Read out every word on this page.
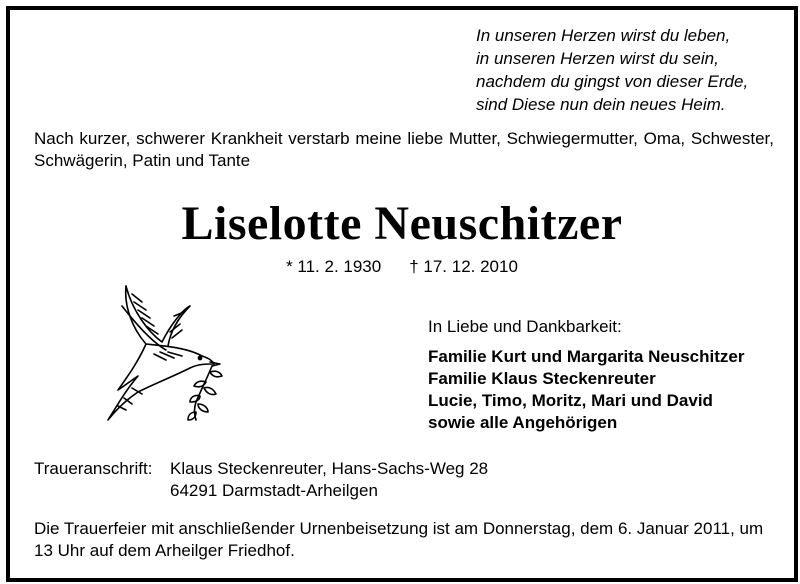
In unseren Herzen wirst du leben,
in unseren Herzen wirst du sein,
nachdem du gingst von dieser Erde,
sind Diese nun dein neues Heim.
Nach kurzer, schwerer Krankheit verstarb meine liebe Mutter, Schwiegermutter, Oma, Schwester, Schwägerin, Patin und Tante
Liselotte Neuschitzer
* 11. 2. 1930 † 17. 12. 2010
In Liebe und Dankbarkeit:
Familie Kurt und Margarita Neuschitzer
Familie Klaus Steckenreuter
Lucie, Timo, Moritz, Mari und David
sowie alle Angehörigen
Traueranschrift:	Klaus Steckenreuter, Hans-Sachs-Weg 28
64291 Darmstadt-Arheilgen
Die Trauerfeier mit anschließender Urnenbeisetzung ist am Donnerstag, dem 6. Januar 2011, um 13 Uhr auf dem Arheilger Friedhof.
